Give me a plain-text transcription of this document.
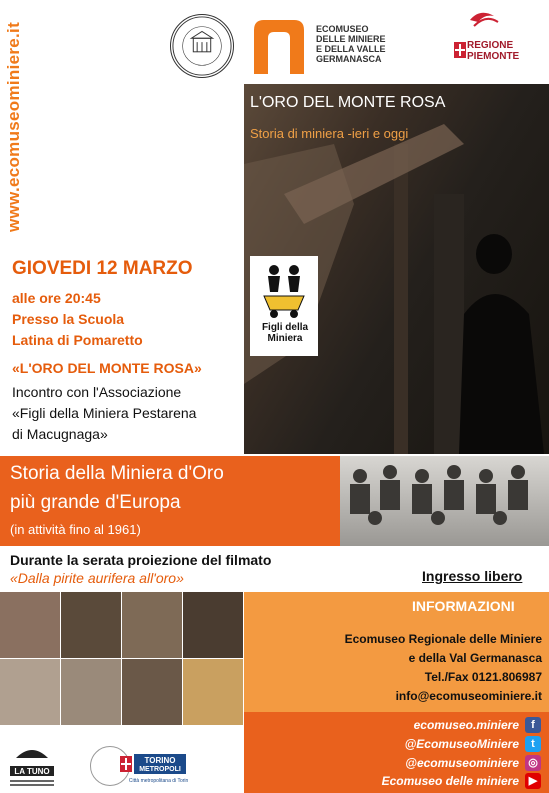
www.ecomuseominiere.it	ECOMUSEO
DELLE MINIERE
E DELLA VALLE
GERMANASCA
REGIONE
PIEMONTE
L'ORO DEL MONTE ROSA
Storia di miniera -ieri e oggi
Figli della
Miniera
GIOVEDI 12 MARZO
alle ore 20:45
Presso la Scuola
Latina di Pomaretto
«L'ORO DEL MONTE ROSA»
Incontro con l'Associazione
«Figli della Miniera Pestarena
di Macugnaga»
Storia della Miniera d'Oro
più grande d'Europa
(in attività fino al 1961)
Durante la serata proiezione del filmato
«Dalla pirite aurifera all'oro»	Ingresso libero
INFORMAZIONI
Ecomuseo Regionale delle Miniere
e della Val Germanasca
Tel./Fax 0121.806987
info@ecomuseominiere.it
ecomuseo.miniere	f
@EcomuseoMiniere	t
@ecomuseominiere ◎
Ecomuseo delle miniere ▶
LA TUNO
TORINO
METROPOLI
Città metropolitana di Torino
